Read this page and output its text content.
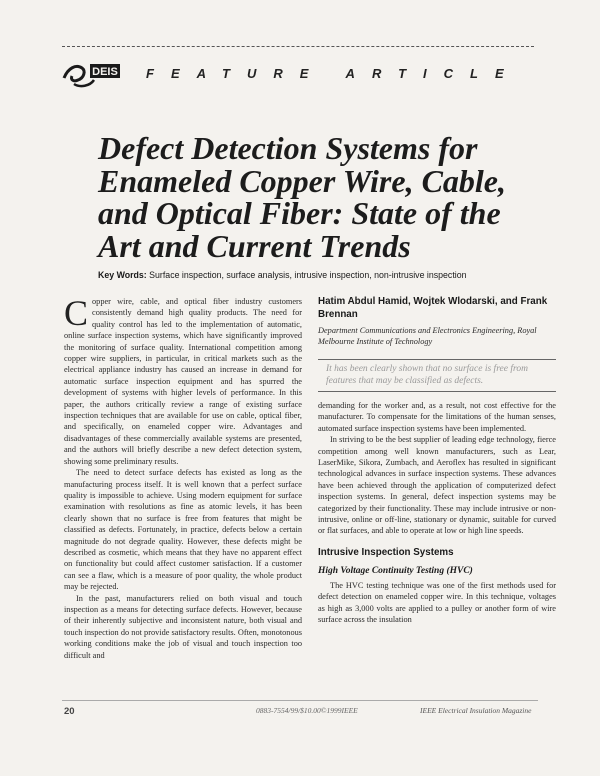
DEIS FEATURE ARTICLE
Defect Detection Systems for Enameled Copper Wire, Cable, and Optical Fiber: State of the Art and Current Trends
Key Words: Surface inspection, surface analysis, intrusive inspection, non-intrusive inspection

Copper wire, cable, and optical fiber industry customers consistently demand high quality products. The need for quality control has led to the implementation of automatic, online surface inspection systems, which have significantly improved the monitoring of surface quality. International competition among copper wire suppliers, in particular, in critical markets such as the electrical appliance industry has caused an increase in demand for automatic surface inspection equipment and has spurred the development of systems with higher levels of performance. In this paper, the authors critically review a range of existing surface inspection techniques that are available for use on cable, optical fiber, and specifically, on enameled copper wire. Advantages and disadvantages of these commercially available systems are presented, and the authors will briefly describe a new defect detection system, showing some preliminary results.

The need to detect surface defects has existed as long as the manufacturing process itself. It is well known that a perfect surface quality is impossible to achieve. Using modern equipment for surface examination with resolutions as fine as atomic levels, it has been clearly shown that no surface is free from features that might be classified as defects. Fortunately, in practice, defects below a certain magnitude do not degrade quality. However, these defects might be described as cosmetic, which means that they have no apparent effect on functionality but could affect customer satisfaction. If a customer can see a flaw, which is a measure of poor quality, the whole product may be rejected.

In the past, manufacturers relied on both visual and touch inspection as a means for detecting surface defects. However, because of their inherently subjective and inconsistent nature, both visual and touch inspection do not provide satisfactory results. Often, monotonous working conditions make the job of visual and touch inspection too difficult and

Hatim Abdul Hamid, Wojtek Wlodarski, and Frank Brennan
Department Communications and Electronics Engineering, Royal Melbourne Institute of Technology
It has been clearly shown that no surface is free from features that may be classified as defects.

demanding for the worker and, as a result, not cost effective for the manufacturer. To compensate for the limitations of the human senses, automated surface inspection systems have been implemented.

In striving to be the best supplier of leading edge technology, fierce competition among well known manufacturers, such as Lear, LaserMike, Sikora, Zumbach, and Aeroflex has resulted in significant technological advances in surface inspection systems. These advances have been achieved through the application of computerized defect inspection systems. In general, defect inspection systems may be categorized by their functionality. These may include intrusive or non-intrusive, online or off-line, stationary or dynamic, suitable for curved or flat surfaces, and able to operate at low or high line speeds.

Intrusive Inspection Systems
High Voltage Continuity Testing (HVC)

The HVC testing technique was one of the first methods used for defect detection on enameled copper wire. In this technique, voltages as high as 3,000 volts are applied to a pulley or another form of wire surface across the insulation

20	0883-7554/99/$10.00©1999IEEE	IEEE Electrical Insulation Magazine
